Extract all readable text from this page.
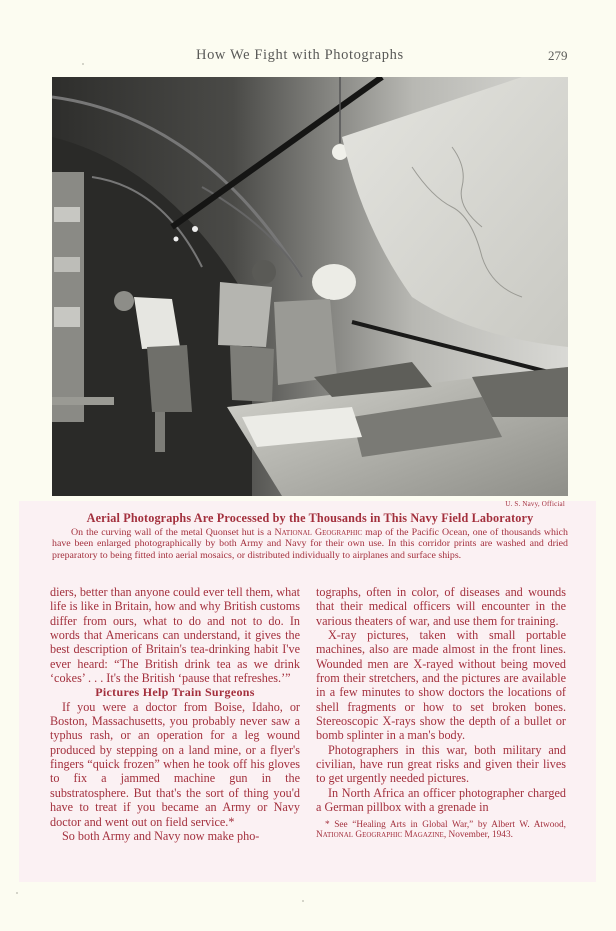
How We Fight with Photographs	279
U. S. Navy, Official
Aerial Photographs Are Processed by the Thousands in This Navy Field Laboratory
On the curving wall of the metal Quonset hut is a National Geographic map of the Pacific Ocean, one of thousands which have been enlarged photographically by both Army and Navy for their own use. In this corridor prints are washed and dried preparatory to being fitted into aerial mosaics, or distributed individually to airplanes and surface ships.

diers, better than anyone could ever tell them, what life is like in Britain, how and why British customs differ from ours, what to do and not to do. In words that Americans can understand, it gives the best description of Britain's tea-drinking habit I've ever heard: “The British drink tea as we drink ‘cokes’ . . . It's the British ‘pause that refreshes.’”

Pictures Help Train Surgeons

If you were a doctor from Boise, Idaho, or Boston, Massachusetts, you probably never saw a typhus rash, or an operation for a leg wound produced by stepping on a land mine, or a flyer's fingers “quick frozen” when he took off his gloves to fix a jammed machine gun in the substratosphere. But that's the sort of thing you'd have to treat if you became an Army or Navy doctor and went out on field service.*

So both Army and Navy now make pho-

tographs, often in color, of diseases and wounds that their medical officers will encounter in the various theaters of war, and use them for training.

X-ray pictures, taken with small portable machines, also are made almost in the front lines. Wounded men are X-rayed without being moved from their stretchers, and the pictures are available in a few minutes to show doctors the locations of shell fragments or how to set broken bones. Stereoscopic X-rays show the depth of a bullet or bomb splinter in a man's body.

Photographers in this war, both military and civilian, have run great risks and given their lives to get urgently needed pictures.

In North Africa an officer photographer charged a German pillbox with a grenade in

* See “Healing Arts in Global War,” by Albert W. Atwood, National Geographic Magazine, November, 1943.
